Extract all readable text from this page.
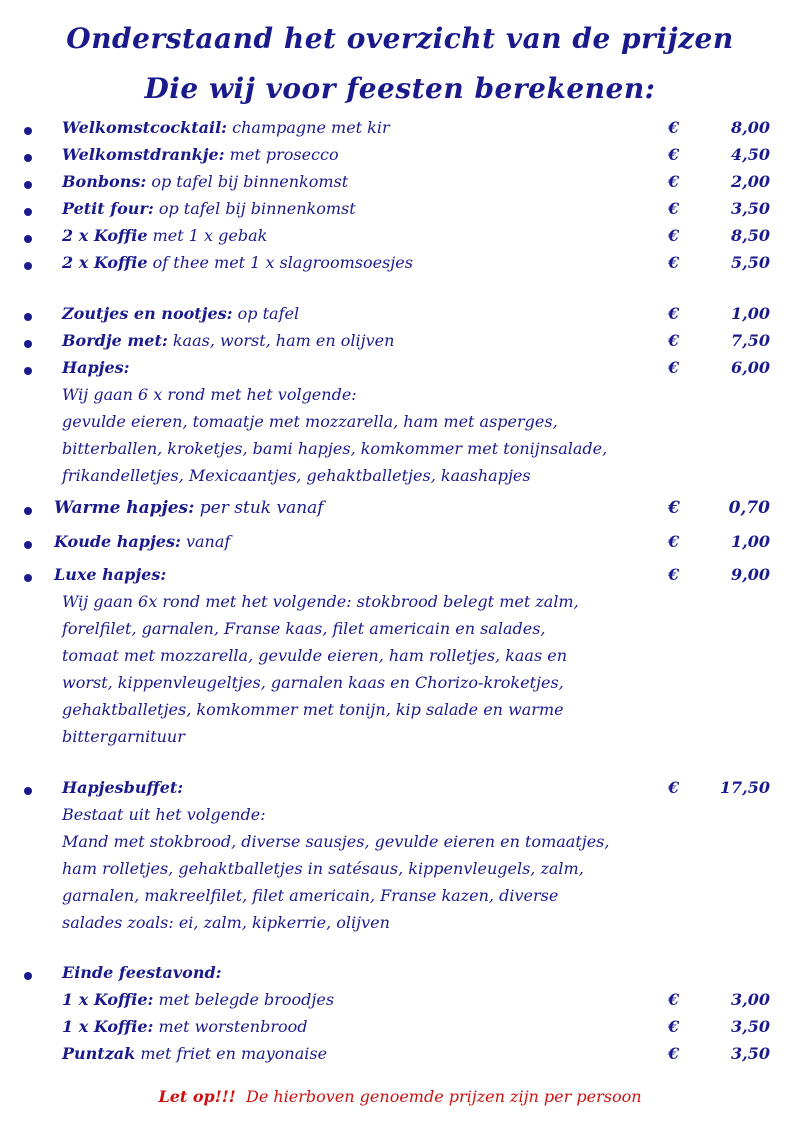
Onderstaand het overzicht van de prijzen
Die wij voor feesten berekenen:
Welkomstcocktail: champagne met kir	€	8,00
Welkomstdrankje: met prosecco	€	4,50
Bonbons: op tafel bij binnenkomst	€	2,00
Petit four: op tafel bij binnenkomst	€	3,50
2 x Koffie met 1 x gebak	€	8,50
2 x Koffie of thee met 1 x slagroomsoesjes	€	5,50
Zoutjes en nootjes: op tafel	€	1,00
Bordje met: kaas, worst, ham en olijven	€	7,50
Hapjes:	€	6,00
Wij gaan 6 x rond met het volgende:
gevulde eieren, tomaatje met mozzarella, ham met asperges,
bitterballen, kroketjes, bami hapjes, komkommer met tonijnsalade,
frikandelletjes, Mexicaantjes, gehaktballetjes, kaashapjes
Warme hapjes: per stuk vanaf	€	0,70
Koude hapjes: vanaf	€	1,00
Luxe hapjes:	€	9,00
Wij gaan 6x rond met het volgende: stokbrood belegt met zalm,
forelfilet, garnalen, Franse kaas, filet americain en salades,
tomaat met mozzarella, gevulde eieren, ham rolletjes, kaas en
worst, kippenvleugeltjes, garnalen kaas en Chorizo-kroketjes,
gehaktballetjes, komkommer met tonijn, kip salade en warme
bittergarnituur
Hapjesbuffet:	€	17,50
Bestaat uit het volgende:
Mand met stokbrood, diverse sausjes, gevulde eieren en tomaatjes,
ham rolletjes, gehaktballetjes in satésaus, kippenvleugels, zalm,
garnalen, makreelfilet, filet americain, Franse kazen, diverse
salades zoals: ei, zalm, kipkerrie, olijven
Einde feestavond:
1 x Koffie: met belegde broodjes	€	3,00
1 x Koffie: met worstenbrood	€	3,50
Puntzak met friet en mayonaise	€	3,50
Let op!!!  De hierboven genoemde prijzen zijn per persoon
